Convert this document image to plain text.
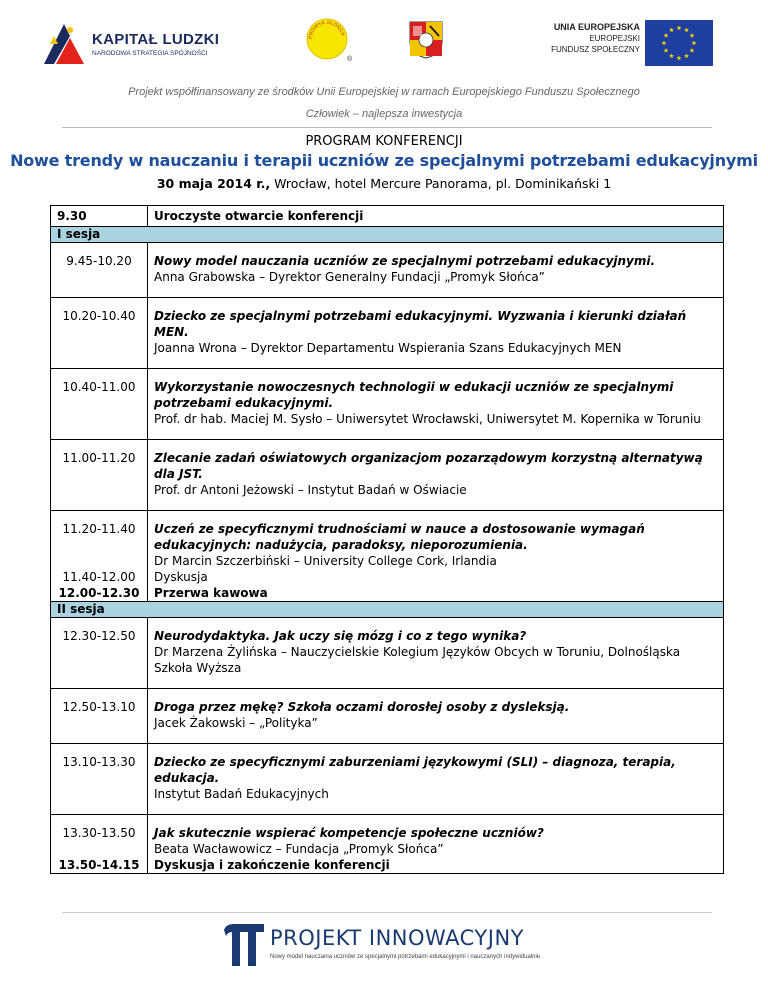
KAPITAŁ LUDZKI
NARODOWA STRATEGIA SPÓJNOŚCI
PROMYK SŁOŃCA
®
UNIA EUROPEJSKA
EUROPEJSKI
FUNDUSZ SPOŁECZNY
Projekt współfinansowany ze środków Unii Europejskiej w ramach Europejskiego Funduszu Społecznego
Człowiek – najlepsza inwestycja
PROGRAM KONFERENCJI
Nowe trendy w nauczaniu i terapii uczniów ze specjalnymi potrzebami edukacyjnymi
30 maja 2014 r., Wrocław, hotel Mercure Panorama, pl. Dominikański 1
9.30	Uroczyste otwarcie konferencji
I sesja	
9.45-10.20	Nowy model nauczania uczniów ze specjalnymi potrzebami edukacyjnymi.
Anna Grabowska – Dyrektor Generalny Fundacji „Promyk Słońca”

10.20-10.40	Dziecko ze specjalnymi potrzebami edukacyjnymi. Wyzwania i kierunki działań MEN.
Joanna Wrona – Dyrektor Departamentu Wspierania Szans Edukacyjnych MEN

10.40-11.00	Wykorzystanie nowoczesnych technologii w edukacji uczniów ze specjalnymi potrzebami edukacyjnymi.
Prof. dr hab. Maciej M. Sysło – Uniwersytet Wrocławski, Uniwersytet M. Kopernika w Toruniu

11.00-11.20	Zlecanie zadań oświatowych organizacjom pozarządowym korzystną alternatywą dla JST.
Prof. dr Antoni Jeżowski – Instytut Badań w Oświacie

11.20-11.40	Uczeń ze specyficznymi trudnościami w nauce a dostosowanie wymagań edukacyjnych: nadużycia, paradoksy, nieporozumienia.
Dr Marcin Szczerbiński – University College Cork, Irlandia

11.40-12.00	Dyskusja
12.00-12.30	Przerwa kawowa
II sesja	
12.30-12.50	Neurodydaktyka. Jak uczy się mózg i co z tego wynika?
Dr Marzena Żylińska – Nauczycielskie Kolegium Języków Obcych w Toruniu, Dolnośląska Szkoła Wyższa

12.50-13.10	Droga przez mękę? Szkoła oczami dorosłej osoby z dysleksją.
Jacek Żakowski – „Polityka”

13.10-13.30	Dziecko ze specyficznymi zaburzeniami językowymi (SLI) – diagnoza, terapia, edukacja.
Instytut Badań Edukacyjnych

13.30-13.50	Jak skutecznie wspierać kompetencje społeczne uczniów?
Beata Wacławowicz – Fundacja „Promyk Słońca”

13.50-14.15	Dyskusja i zakończenie konferencji
PROJEKT INNOWACYJNY
Nowy model nauczania uczniów ze specjalnymi potrzebami edukacyjnymi i nauczanych indywidualnie
